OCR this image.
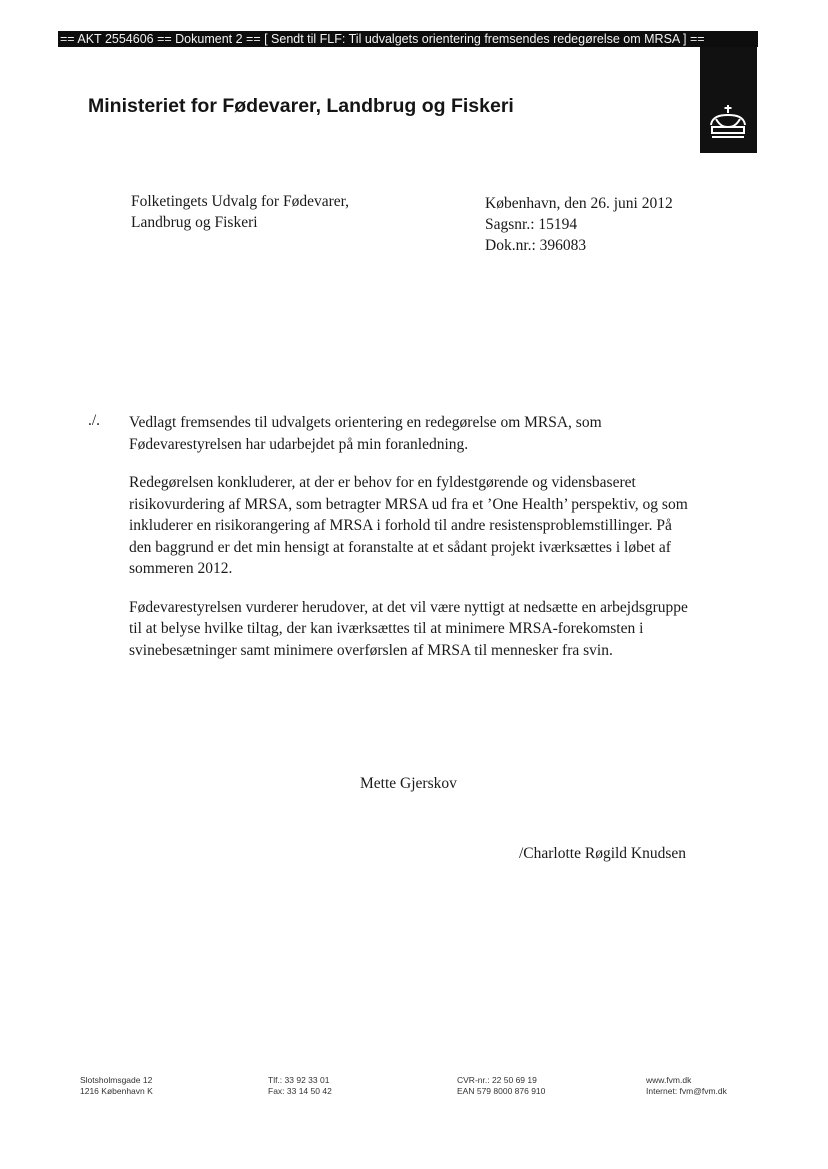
== AKT 2554606 == Dokument 2 == [ Sendt til FLF: Til udvalgets orientering fremsendes redegørelse om MRSA ] ==
Ministeriet for Fødevarer, Landbrug og Fiskeri
Folketingets Udvalg for Fødevarer,
Landbrug og Fiskeri
København, den 26. juni 2012
Sagsnr.: 15194
Dok.nr.: 396083
./. Vedlagt fremsendes til udvalgets orientering en redegørelse om MRSA, som Fødevarestyrelsen har udarbejdet på min foranledning.

Redegørelsen konkluderer, at der er behov for en fyldestgørende og vidensbaseret risikovurdering af MRSA, som betragter MRSA ud fra et ’One Health’ perspektiv, og som inkluderer en risikorangering af MRSA i forhold til andre resistensproblemstillinger. På den baggrund er det min hensigt at foranstalte at et sådant projekt iværksættes i løbet af sommeren 2012.

Fødevarestyrelsen vurderer herudover, at det vil være nyttigt at nedsætte en arbejdsgruppe til at belyse hvilke tiltag, der kan iværksættes til at minimere MRSA-forekomsten i svinebesætninger samt minimere overførslen af MRSA til mennesker fra svin.

Mette Gjerskov
/Charlotte Røgild Knudsen
Slotsholmsgade 12
1216 København K
Tlf.: 33 92 33 01
Fax: 33 14 50 42
CVR-nr.: 22 50 69 19
EAN 579 8000 876 910
www.fvm.dk
Internet: fvm@fvm.dk
